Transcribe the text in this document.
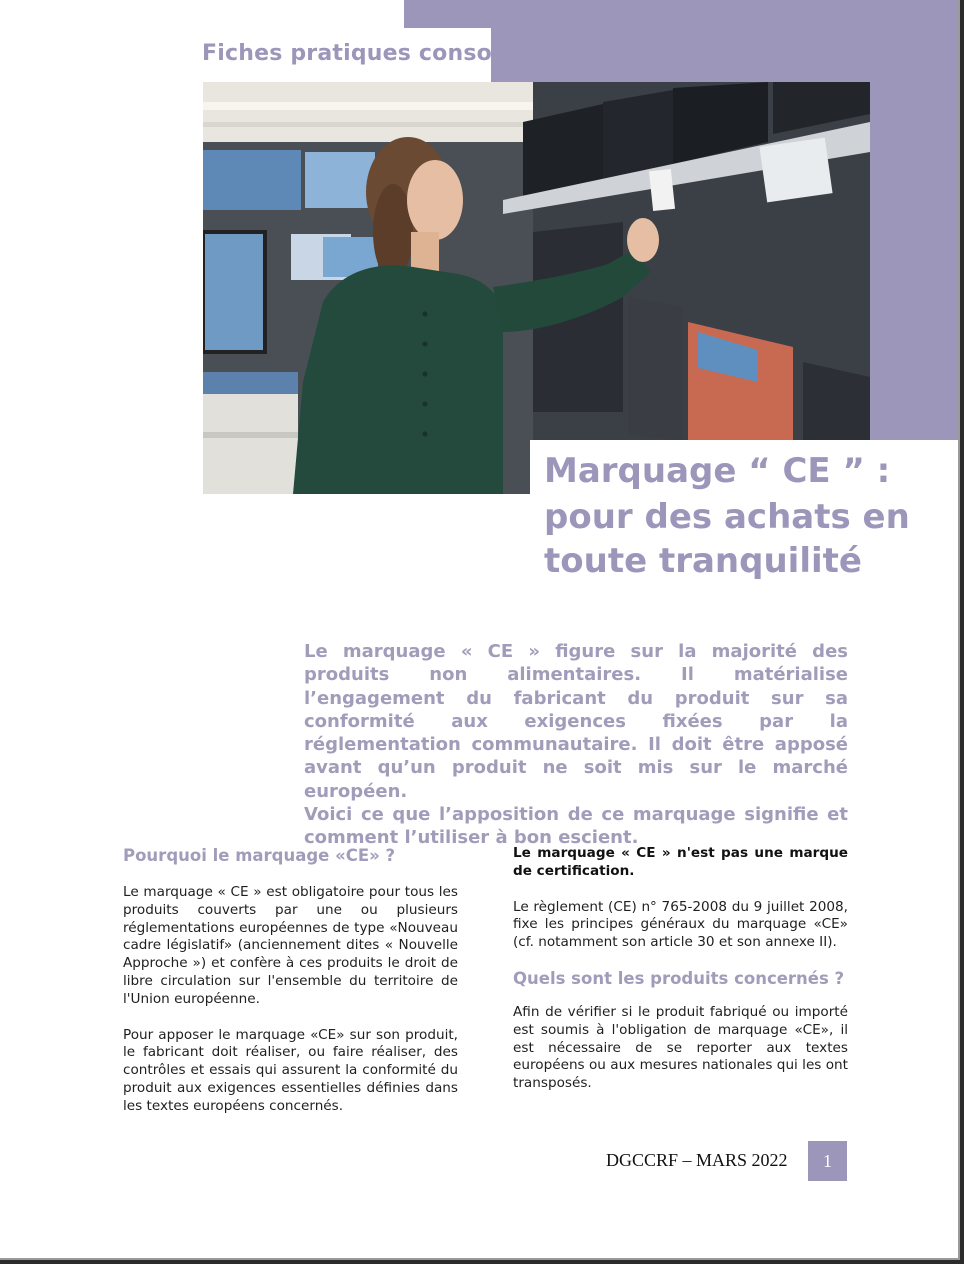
Fiches pratiques conso
Marquage “ CE ” :
pour des achats en
toute tranquilité

Le marquage « CE » figure sur la majorité des produits non alimentaires. Il matérialise l’engagement du fabricant du produit sur sa conformité aux exigences fixées par la réglementation communautaire. Il doit être apposé avant qu’un produit ne soit mis sur le marché européen.

Voici ce que l’apposition de ce marquage signifie et comment l’utiliser à bon escient.

Pourquoi le marquage «CE» ?

Le marquage « CE » est obligatoire pour tous les produits couverts par une ou plusieurs réglementations européennes de type «Nouveau cadre législatif» (anciennement dites « Nouvelle Approche ») et confère à ces produits le droit de libre circulation sur l'ensemble du territoire de l'Union européenne.

Pour apposer le marquage «CE» sur son produit, le fabricant doit réaliser, ou faire réaliser, des contrôles et essais qui assurent la conformité du produit aux exigences essentielles définies dans les textes européens concernés.

Le marquage « CE » n'est pas une marque de certification.

Le règlement (CE) n° 765-2008 du 9 juillet 2008, fixe les principes généraux du marquage «CE» (cf. notamment son article 30 et son annexe II).

Quels sont les produits concernés ?

Afin de vérifier si le produit fabriqué ou importé est soumis à l'obligation de marquage «CE», il est nécessaire de se reporter aux textes européens ou aux mesures nationales qui les ont transposés.

DGCCRF – MARS 2022	1
